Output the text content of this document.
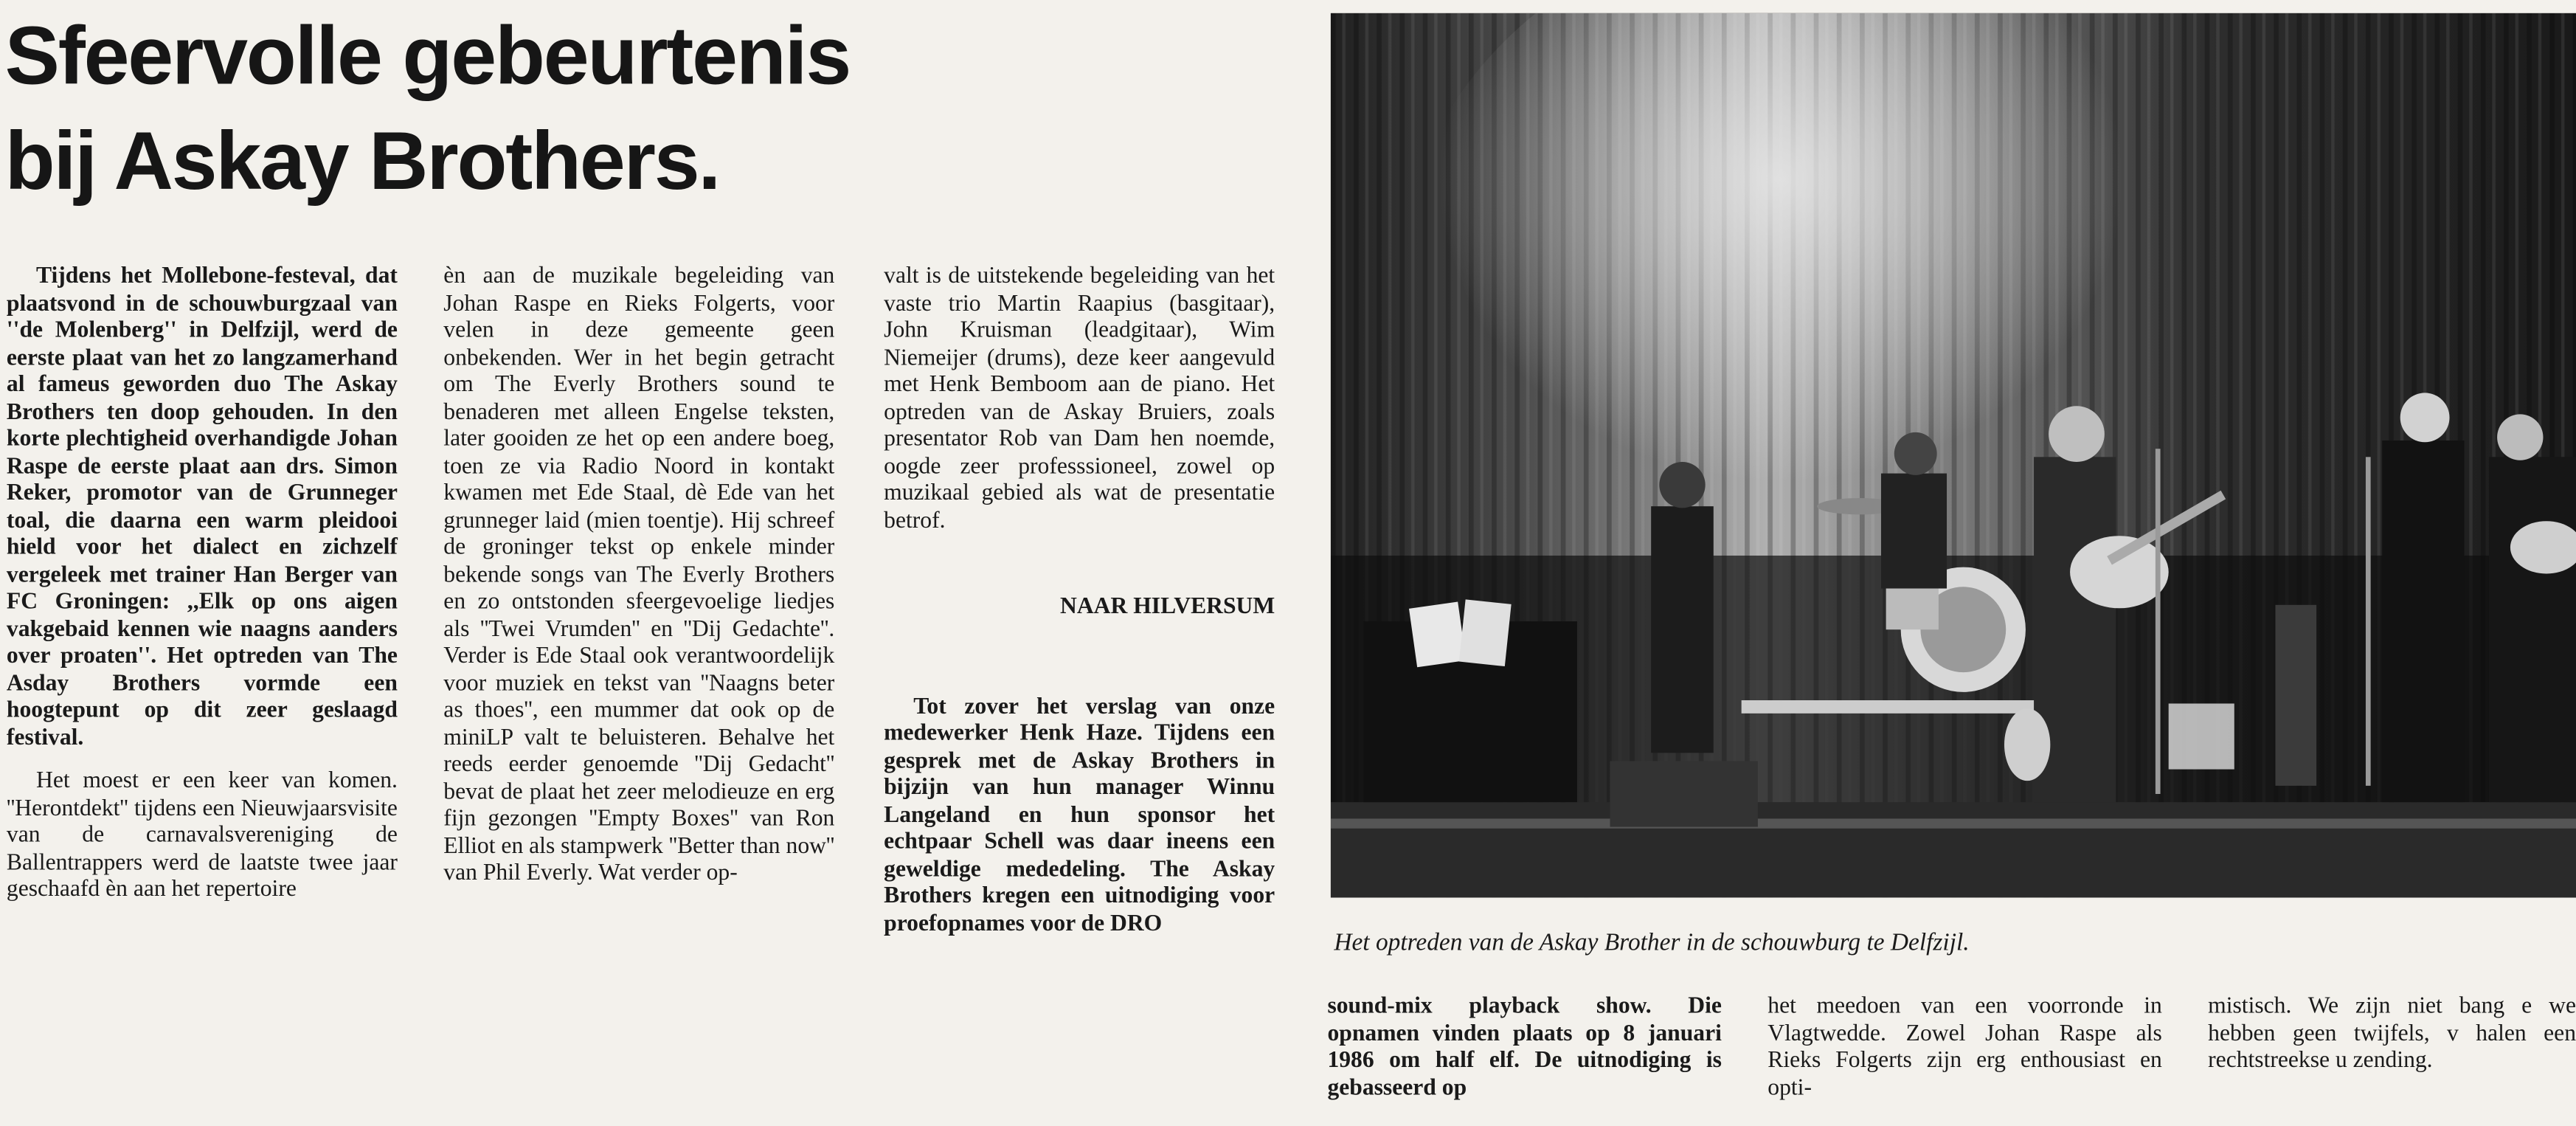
Sfeervolle gebeurtenis
bij Askay Brothers.

Tijdens het Mollebone-festeval, dat plaatsvond in de schouwburgzaal van ''de Molenberg'' in Delfzijl, werd de eerste plaat van het zo langzamerhand al fameus geworden duo The Askay Brothers ten doop gehouden. In den korte plechtigheid overhandigde Johan Raspe de eerste plaat aan drs. Simon Reker, promotor van de Grunneger toal, die daarna een warm pleidooi hield voor het dialect en zichzelf vergeleek met trainer Han Berger van FC Groningen: ,,Elk op ons aigen vakgebaid kennen wie naagns aanders over proaten''. Het optreden van The Asday Brothers vormde een hoogtepunt op dit zeer geslaagd festival.

Het moest er een keer van komen. ''Herontdekt'' tijdens een Nieuwjaarsvisite van de carnavalsvereniging de Ballentrappers werd de laatste twee jaar geschaafd èn aan het repertoire

èn aan de muzikale begeleiding van Johan Raspe en Rieks Folgerts, voor velen in deze gemeente geen onbekenden. Wer in het begin getracht om The Everly Brothers sound te benaderen met alleen Engelse teksten, later gooiden ze het op een andere boeg, toen ze via Radio Noord in kontakt kwamen met Ede Staal, dè Ede van het grunneger laid (mien toentje). Hij schreef de groninger tekst op enkele minder bekende songs van The Everly Brothers en zo ontstonden sfeergevoelige liedjes als ''Twei Vrumden'' en ''Dij Gedachte''. Verder is Ede Staal ook verantwoordelijk voor muziek en tekst van ''Naagns beter as thoes'', een mummer dat ook op de miniLP valt te beluisteren. Behalve het reeds eerder genoemde ''Dij Gedacht'' bevat de plaat het zeer melodieuze en erg fijn gezongen ''Empty Boxes'' van Ron Elliot en als stampwerk ''Better than now'' van Phil Everly. Wat verder op-

valt is de uitstekende begeleiding van het vaste trio Martin Raapius (basgitaar), John Kruisman (leadgitaar), Wim Niemeijer (drums), deze keer aangevuld met Henk Bemboom aan de piano. Het optreden van de Askay Bruiers, zoals presentator Rob van Dam hen noemde, oogde zeer professsioneel, zowel op muzikaal gebied als wat de presentatie betrof.

NAAR HILVERSUM

Tot zover het verslag van onze medewerker Henk Haze. Tijdens een gesprek met de Askay Brothers in bijzijn van hun manager Winnu Langeland en hun sponsor het echtpaar Schell was daar ineens een geweldige mededeling. The Askay Brothers kregen een uitnodiging voor proefopnames voor de DRO

Het optreden van de Askay Brother in de schouwburg te Delfzijl.
sound-mix playback show. Die opnamen vinden plaats op 8 januari 1986 om half elf. De uitnodiging is gebasseerd op
het meedoen van een voorronde in Vlagtwedde. Zowel Johan Raspe als Rieks Folgerts zijn erg enthousiast en opti-
mistisch. We zijn niet bang e we hebben geen twijfels, v halen een rechtstreekse u zending.
